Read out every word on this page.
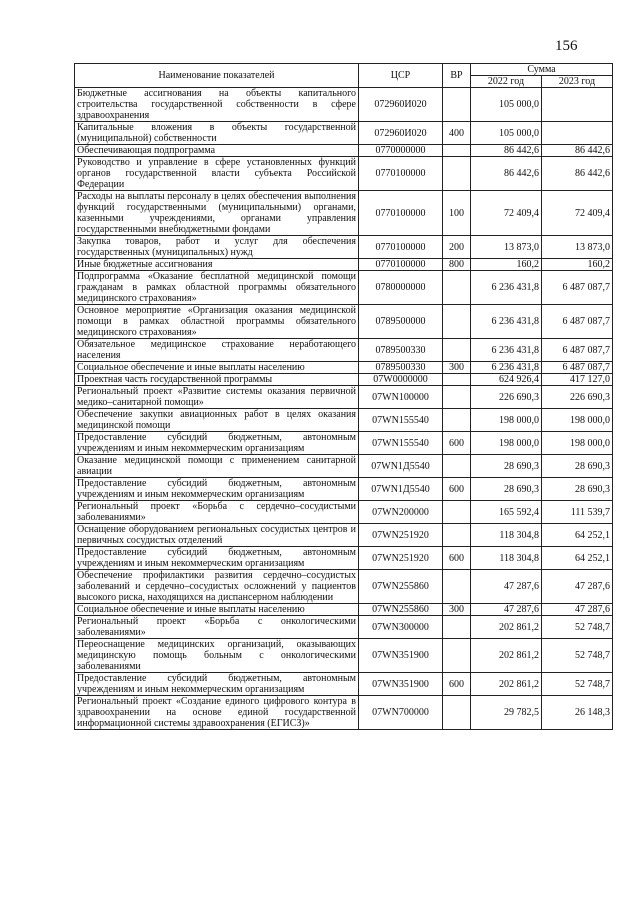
156
Наименование показателей	ЦСР	ВР	Сумма	
			2022 год	2023 год
Бюджетные ассигнования на объекты капитального строительства государственной собственности в сфере здравоохранения	072960И020		105 000,0	
Капитальные вложения в объекты государственной (муниципальной) собственности	072960И020	400	105 000,0	
Обеспечивающая подпрограмма	0770000000		86 442,6	86 442,6
Руководство и управление в сфере установленных функций органов государственной власти субъекта Российской Федерации	0770100000		86 442,6	86 442,6
Расходы на выплаты персоналу в целях обеспечения выполнения функций государственными (муниципальными) органами, казенными учреждениями, органами управления государственными внебюджетными фондами	0770100000	100	72 409,4	72 409,4
Закупка товаров, работ и услуг для обеспечения государственных (муниципальных) нужд	0770100000	200	13 873,0	13 873,0
Иные бюджетные ассигнования	0770100000	800	160,2	160,2
Подпрограмма «Оказание бесплатной медицинской помощи гражданам в рамках областной программы обязательного медицинского страхования»	0780000000		6 236 431,8	6 487 087,7
Основное мероприятие «Организация оказания медицинской помощи в рамках областной программы обязательного медицинского страхования»	0789500000		6 236 431,8	6 487 087,7
Обязательное медицинское страхование неработающего населения	0789500330		6 236 431,8	6 487 087,7
Социальное обеспечение и иные выплаты населению	0789500330	300	6 236 431,8	6 487 087,7
Проектная часть государственной программы	07W0000000		624 926,4	417 127,0
Региональный проект «Развитие системы оказания первичной медико–санитарной помощи»	07WN100000		226 690,3	226 690,3
Обеспечение закупки авиационных работ в целях оказания медицинской помощи	07WN155540		198 000,0	198 000,0
Предоставление субсидий бюджетным, автономным учреждениям и иным некоммерческим организациям	07WN155540	600	198 000,0	198 000,0
Оказание медицинской помощи с применением санитарной авиации	07WN1Д5540		28 690,3	28 690,3
Предоставление субсидий бюджетным, автономным учреждениям и иным некоммерческим организациям	07WN1Д5540	600	28 690,3	28 690,3
Региональный проект «Борьба с сердечно–сосудистыми заболеваниями»	07WN200000		165 592,4	111 539,7
Оснащение оборудованием региональных сосудистых центров и первичных сосудистых отделений	07WN251920		118 304,8	64 252,1
Предоставление субсидий бюджетным, автономным учреждениям и иным некоммерческим организациям	07WN251920	600	118 304,8	64 252,1
Обеспечение профилактики развития сердечно–сосудистых заболеваний и сердечно–сосудистых осложнений у пациентов высокого риска, находящихся на диспансерном наблюдении	07WN255860		47 287,6	47 287,6
Социальное обеспечение и иные выплаты населению	07WN255860	300	47 287,6	47 287,6
Региональный проект «Борьба с онкологическими заболеваниями»	07WN300000		202 861,2	52 748,7
Переоснащение медицинских организаций, оказывающих медицинскую помощь больным с онкологическими заболеваниями	07WN351900		202 861,2	52 748,7
Предоставление субсидий бюджетным, автономным учреждениям и иным некоммерческим организациям	07WN351900	600	202 861,2	52 748,7
Региональный проект «Создание единого цифрового контура в здравоохранении на основе единой государственной информационной системы здравоохранения (ЕГИСЗ)»	07WN700000		29 782,5	26 148,3
